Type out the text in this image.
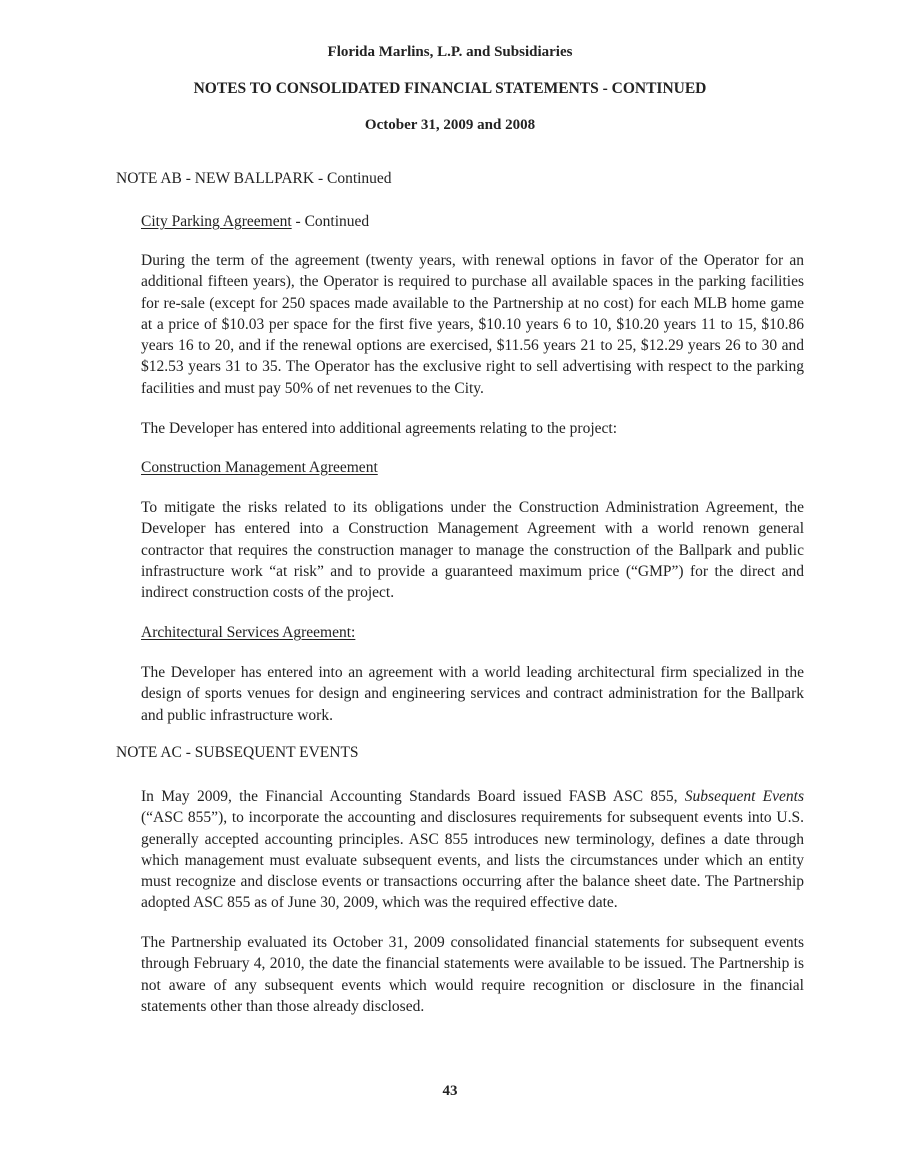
Florida Marlins, L.P. and Subsidiaries
NOTES TO CONSOLIDATED FINANCIAL STATEMENTS - CONTINUED
October 31, 2009 and 2008
NOTE AB - NEW BALLPARK - Continued
City Parking Agreement - Continued
During the term of the agreement (twenty years, with renewal options in favor of the Operator for an additional fifteen years), the Operator is required to purchase all available spaces in the parking facilities for re-sale (except for 250 spaces made available to the Partnership at no cost) for each MLB home game at a price of $10.03 per space for the first five years, $10.10 years 6 to 10, $10.20 years 11 to 15, $10.86 years 16 to 20, and if the renewal options are exercised, $11.56 years 21 to 25, $12.29 years 26 to 30 and $12.53 years 31 to 35. The Operator has the exclusive right to sell advertising with respect to the parking facilities and must pay 50% of net revenues to the City.
The Developer has entered into additional agreements relating to the project:
Construction Management Agreement
To mitigate the risks related to its obligations under the Construction Administration Agreement, the Developer has entered into a Construction Management Agreement with a world renown general contractor that requires the construction manager to manage the construction of the Ballpark and public infrastructure work “at risk” and to provide a guaranteed maximum price (“GMP”) for the direct and indirect construction costs of the project.
Architectural Services Agreement:
The Developer has entered into an agreement with a world leading architectural firm specialized in the design of sports venues for design and engineering services and contract administration for the Ballpark and public infrastructure work.
NOTE AC - SUBSEQUENT EVENTS
In May 2009, the Financial Accounting Standards Board issued FASB ASC 855, Subsequent Events (“ASC 855”), to incorporate the accounting and disclosures requirements for subsequent events into U.S. generally accepted accounting principles. ASC 855 introduces new terminology, defines a date through which management must evaluate subsequent events, and lists the circumstances under which an entity must recognize and disclose events or transactions occurring after the balance sheet date. The Partnership adopted ASC 855 as of June 30, 2009, which was the required effective date.
The Partnership evaluated its October 31, 2009 consolidated financial statements for subsequent events through February 4, 2010, the date the financial statements were available to be issued. The Partnership is not aware of any subsequent events which would require recognition or disclosure in the financial statements other than those already disclosed.
43
